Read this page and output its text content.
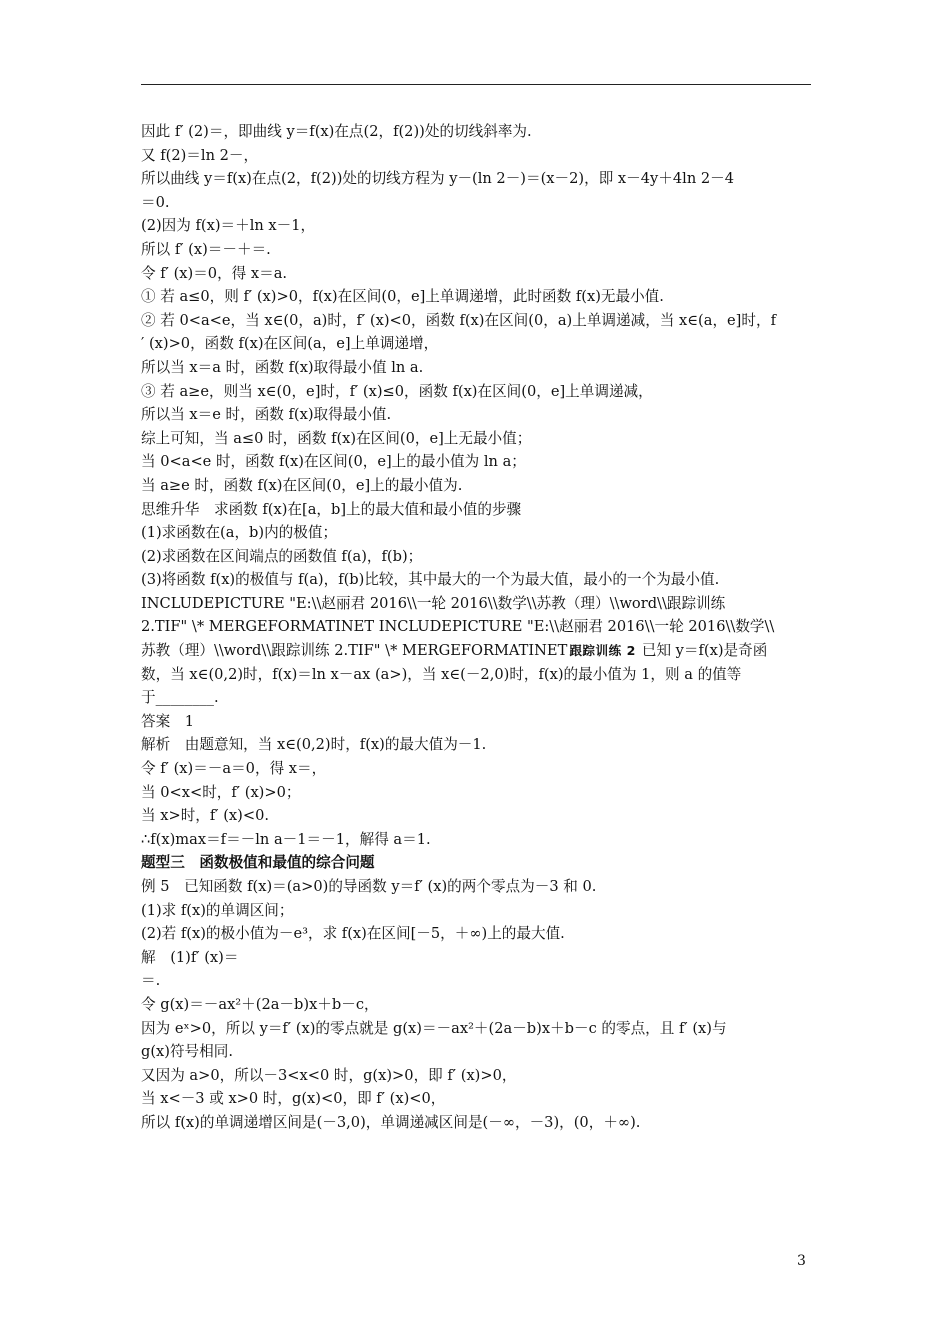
因此 f′ (2)＝，即曲线 y＝f(x)在点(2，f(2))处的切线斜率为.
又 f(2)＝ln 2－，
所以曲线 y＝f(x)在点(2，f(2))处的切线方程为 y－(ln 2－)＝(x－2)，即 x－4y＋4ln 2－4
＝0.
(2)因为 f(x)＝＋ln x－1，
所以 f′ (x)＝－＋＝.
令 f′ (x)＝0，得 x＝a.
① 若 a≤0，则 f′ (x)>0，f(x)在区间(0，e]上单调递增，此时函数 f(x)无最小值.
② 若 0<a<e，当 x∈(0，a)时，f′ (x)<0，函数 f(x)在区间(0，a)上单调递减，当 x∈(a，e]时，f
′ (x)>0，函数 f(x)在区间(a，e]上单调递增，
所以当 x＝a 时，函数 f(x)取得最小值 ln a.
③ 若 a≥e，则当 x∈(0，e]时，f′ (x)≤0，函数 f(x)在区间(0，e]上单调递减，
所以当 x＝e 时，函数 f(x)取得最小值.
综上可知，当 a≤0 时，函数 f(x)在区间(0，e]上无最小值；
当 0<a<e 时，函数 f(x)在区间(0，e]上的最小值为 ln a；
当 a≥e 时，函数 f(x)在区间(0，e]上的最小值为.
思维升华　求函数 f(x)在[a，b]上的最大值和最小值的步骤
(1)求函数在(a，b)内的极值；
(2)求函数在区间端点的函数值 f(a)，f(b)；
(3)将函数 f(x)的极值与 f(a)，f(b)比较，其中最大的一个为最大值，最小的一个为最小值.
INCLUDEPICTURE "E:\\赵丽君 2016\\一轮 2016\\数学\\苏教（理）\\word\\跟踪训练
2.TIF" \* MERGEFORMATINET INCLUDEPICTURE "E:\\赵丽君 2016\\一轮 2016\\数学\\
苏教（理）\\word\\跟踪训练 2.TIF" \* MERGEFORMATINET 跟踪训练 2 已知 y＝f(x)是奇函
数，当 x∈(0,2)时，f(x)＝ln x－ax (a>)，当 x∈(－2,0)时，f(x)的最小值为 1，则 a 的值等
于________.
答案　1
解析　由题意知，当 x∈(0,2)时，f(x)的最大值为－1.
令 f′ (x)＝－a＝0，得 x＝，
当 0<x<时，f′ (x)>0；
当 x>时，f′ (x)<0.
∴f(x)max＝f＝－ln a－1＝－1，解得 a＝1.
题型三　函数极值和最值的综合问题
例 5　已知函数 f(x)＝(a>0)的导函数 y＝f′ (x)的两个零点为－3 和 0.
(1)求 f(x)的单调区间；
(2)若 f(x)的极小值为－e³，求 f(x)在区间[－5，＋∞)上的最大值.
解　(1)f′ (x)＝
＝.
令 g(x)＝－ax²＋(2a－b)x＋b－c，
因为 eˣ>0，所以 y＝f′ (x)的零点就是 g(x)＝－ax²＋(2a－b)x＋b－c 的零点，且 f′ (x)与
g(x)符号相同.
又因为 a>0，所以－3<x<0 时，g(x)>0，即 f′ (x)>0，
当 x<－3 或 x>0 时，g(x)<0，即 f′ (x)<0，
所以 f(x)的单调递增区间是(－3,0)，单调递减区间是(－∞，－3)，(0，＋∞).
3
